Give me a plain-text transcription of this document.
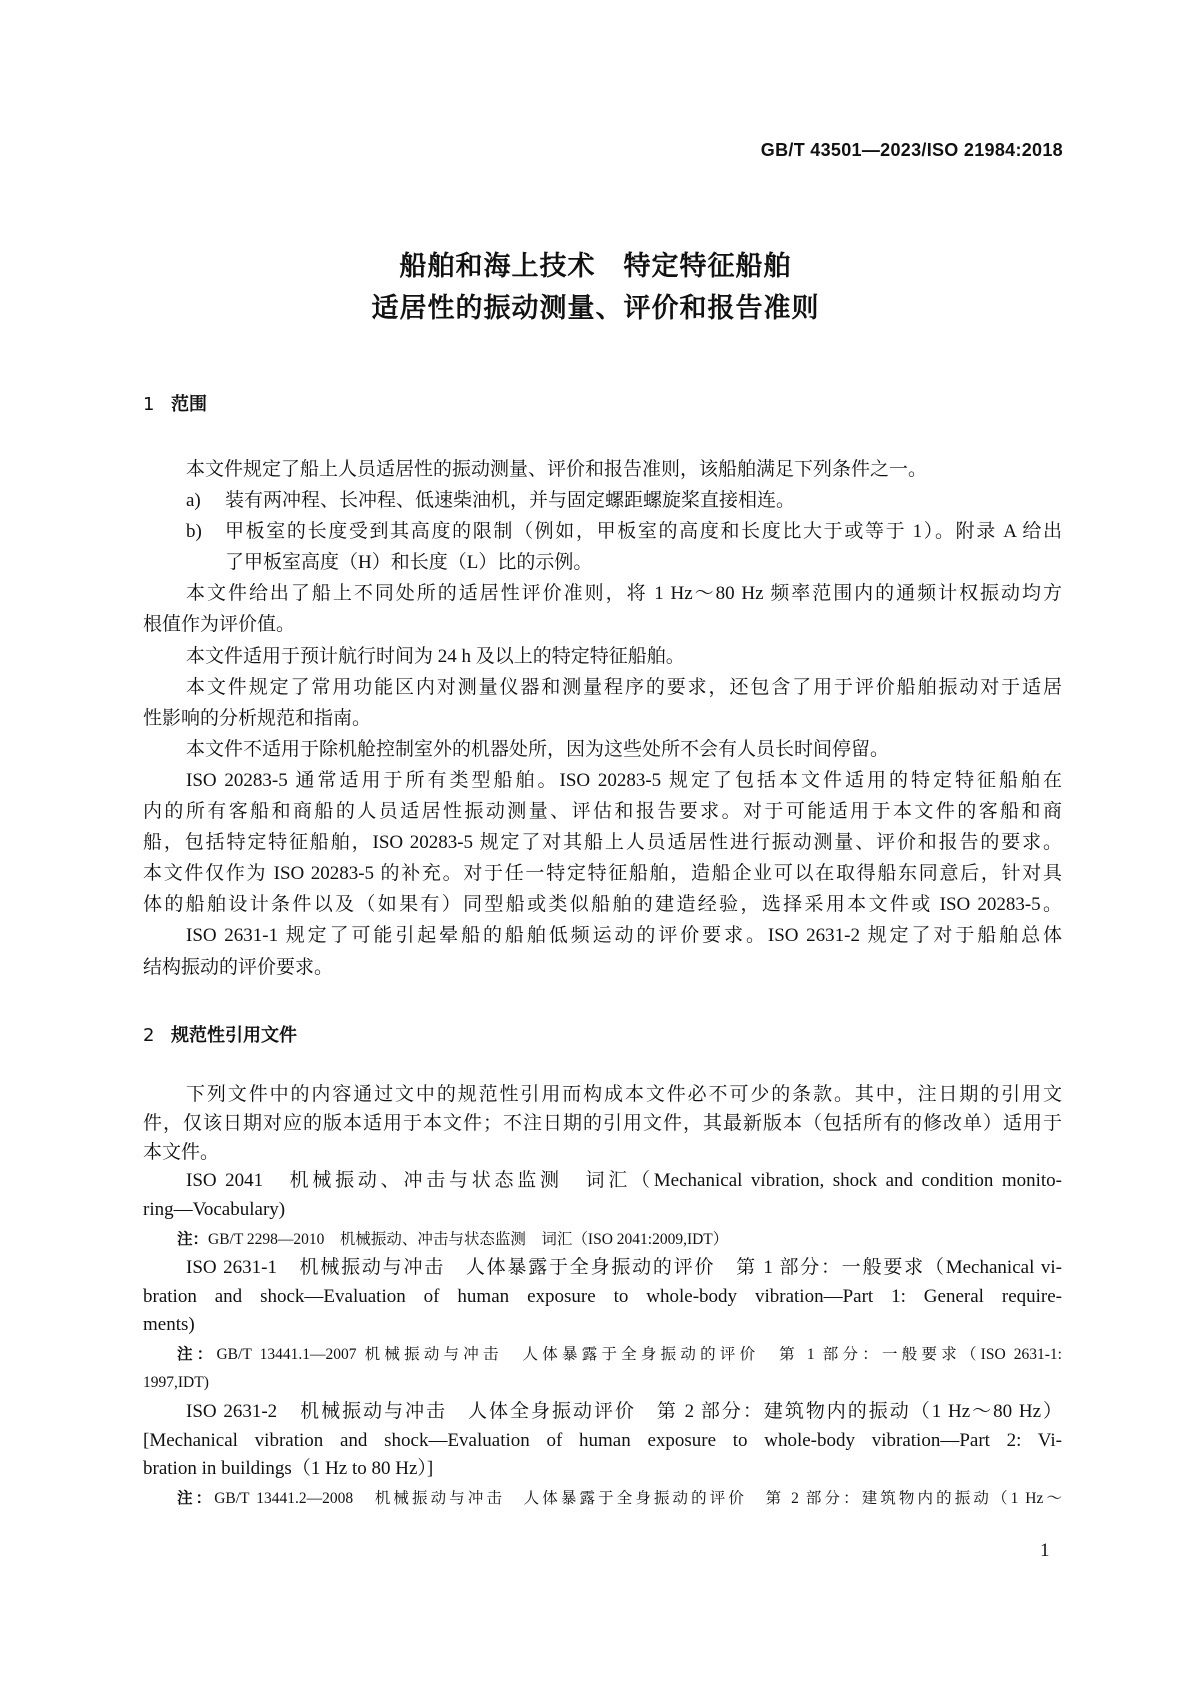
GB/T 43501—2023/ISO 21984:2018
船舶和海上技术　特定特征船舶
适居性的振动测量、评价和报告准则
1 范围
本文件规定了船上人员适居性的振动测量、评价和报告准则，该船舶满足下列条件之一。
a) 装有两冲程、长冲程、低速柴油机，并与固定螺距螺旋桨直接相连。
b) 甲板室的长度受到其高度的限制（例如，甲板室的高度和长度比大于或等于 1）。附录 A 给出
了甲板室高度（H）和长度（L）比的示例。
本文件给出了船上不同处所的适居性评价准则，将 1 Hz～80 Hz 频率范围内的通频计权振动均方
根值作为评价值。
本文件适用于预计航行时间为 24 h 及以上的特定特征船舶。
本文件规定了常用功能区内对测量仪器和测量程序的要求，还包含了用于评价船舶振动对于适居
性影响的分析规范和指南。
本文件不适用于除机舱控制室外的机器处所，因为这些处所不会有人员长时间停留。
ISO 20283-5 通常适用于所有类型船舶。ISO 20283-5 规定了包括本文件适用的特定特征船舶在
内的所有客船和商船的人员适居性振动测量、评估和报告要求。对于可能适用于本文件的客船和商
船，包括特定特征船舶，ISO 20283-5 规定了对其船上人员适居性进行振动测量、评价和报告的要求。
本文件仅作为 ISO 20283-5 的补充。对于任一特定特征船舶，造船企业可以在取得船东同意后，针对具
体的船舶设计条件以及（如果有）同型船或类似船舶的建造经验，选择采用本文件或 ISO 20283-5。
ISO 2631-1 规定了可能引起晕船的船舶低频运动的评价要求。ISO 2631-2 规定了对于船舶总体
结构振动的评价要求。
2 规范性引用文件
下列文件中的内容通过文中的规范性引用而构成本文件必不可少的条款。其中，注日期的引用文
件，仅该日期对应的版本适用于本文件；不注日期的引用文件，其最新版本（包括所有的修改单）适用于
本文件。
ISO 2041　机械振动、冲击与状态监测　词汇（Mechanical vibration, shock and condition monito-
ring—Vocabulary)
注：GB/T 2298—2010　机械振动、冲击与状态监测　词汇（ISO 2041:2009,IDT）
ISO 2631-1　机械振动与冲击　人体暴露于全身振动的评价　第 1 部分：一般要求（Mechanical vi-
bration and shock—Evaluation of human exposure to whole-body vibration—Part 1: General require-
ments)
注：GB/T 13441.1—2007 机械振动与冲击　人体暴露于全身振动的评价　第 1 部分：一般要求（ISO 2631-1:
1997,IDT)
ISO 2631-2　机械振动与冲击　人体全身振动评价　第 2 部分：建筑物内的振动（1 Hz～80 Hz）
[Mechanical vibration and shock—Evaluation of human exposure to whole-body vibration—Part 2: Vi-
bration in buildings（1 Hz to 80 Hz）]
注：GB/T 13441.2—2008　机械振动与冲击　人体暴露于全身振动的评价　第 2 部分：建筑物内的振动（1 Hz～
1
